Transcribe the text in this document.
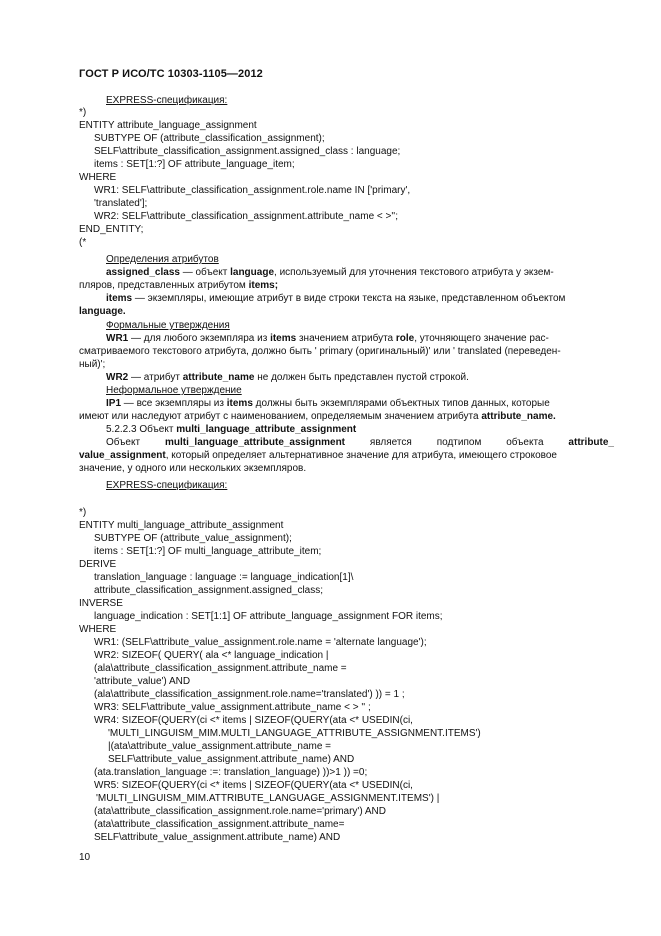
ГОСТ Р ИСО/ТС 10303-1105—2012
EXPRESS-спецификация:
*)
ENTITY attribute_language_assignment
SUBTYPE OF (attribute_classification_assignment);
SELF\attribute_classification_assignment.assigned_class : language;
items : SET[1:?] OF attribute_language_item;
WHERE
WR1: SELF\attribute_classification_assignment.role.name IN ['primary',
'translated'];
WR2: SELF\attribute_classification_assignment.attribute_name < >'';
END_ENTITY;
(*
Определения атрибутов
assigned_class — объект language, используемый для уточнения текстового атрибута у экзем-
пляров, представленных атрибутом items;
items — экземпляры, имеющие атрибут в виде строки текста на языке, представленном объектом
language.
Формальные утверждения
WR1 — для любого экземпляра из items значением атрибута role, уточняющего значение рас-
сматриваемого текстового атрибута, должно быть ' primary (оригинальный)' или ' translated (переведен-
ный)';
WR2 — атрибут attribute_name не должен быть представлен пустой строкой.
Неформальное утверждение
IP1 — все экземпляры из items должны быть экземплярами объектных типов данных, которые
имеют или наследуют атрибут с наименованием, определяемым значением атрибута attribute_name.
5.2.2.3 Объект multi_language_attribute_assignment
Объект multi_language_attribute_assignment является подтипом объекта attribute_
value_assignment, который определяет альтернативное значение для атрибута, имеющего строковое
значение, у одного или нескольких экземпляров.
EXPRESS-спецификация:
*)
ENTITY multi_language_attribute_assignment
SUBTYPE OF (attribute_value_assignment);
items : SET[1:?] OF multi_language_attribute_item;
DERIVE
translation_language : language := language_indication[1]\
attribute_classification_assignment.assigned_class;
INVERSE
language_indication : SET[1:1] OF attribute_language_assignment FOR items;
WHERE
WR1: (SELF\attribute_value_assignment.role.name = 'alternate language');
WR2: SIZEOF( QUERY( ala <* language_indication |
(ala\attribute_classification_assignment.attribute_name =
'attribute_value') AND
(ala\attribute_classification_assignment.role.name='translated') )) = 1 ;
WR3: SELF\attribute_value_assignment.attribute_name < > '' ;
WR4: SIZEOF(QUERY(ci <* items | SIZEOF(QUERY(ata <* USEDIN(ci,
'MULTI_LINGUISM_MIM.MULTI_LANGUAGE_ATTRIBUTE_ASSIGNMENT.ITEMS')
|(ata\attribute_value_assignment.attribute_name =
SELF\attribute_value_assignment.attribute_name) AND
(ata.translation_language :=: translation_language) ))>1 )) =0;
WR5: SIZEOF(QUERY(ci <* items | SIZEOF(QUERY(ata <* USEDIN(ci,
'MULTI_LINGUISM_MIM.ATTRIBUTE_LANGUAGE_ASSIGNMENT.ITEMS') |
(ata\attribute_classification_assignment.role.name='primary') AND
(ata\attribute_classification_assignment.attribute_name=
SELF\attribute_value_assignment.attribute_name) AND
10
